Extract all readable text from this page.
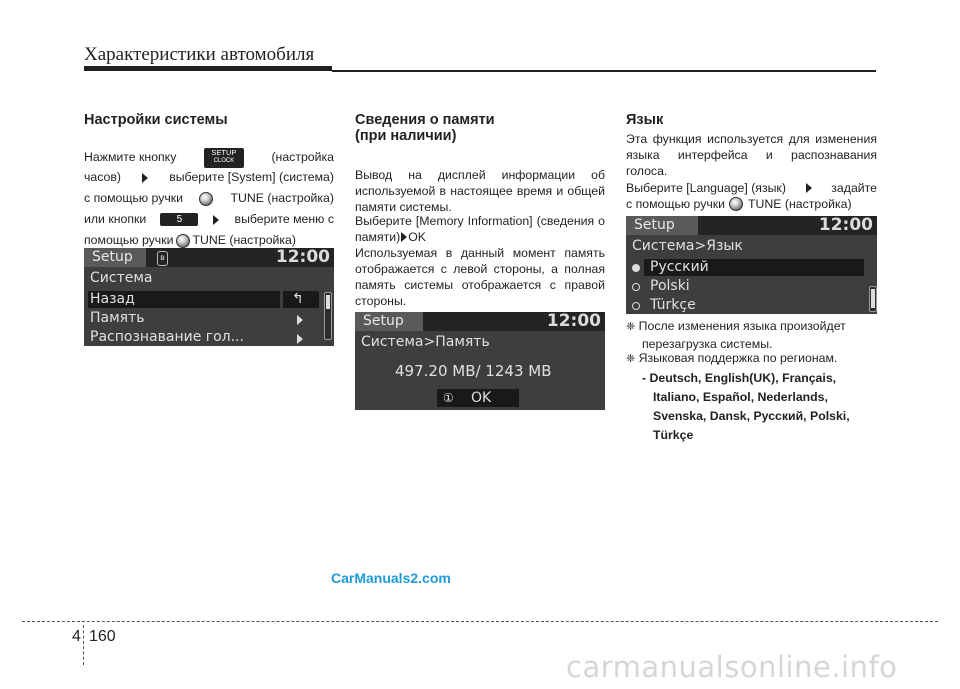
Характеристики автомобиля
Настройки системы
Нажмите кнопку	SETUP
CLOCK	(настройка
часов)	выберите [System] (система)
с помощью ручки	TUNE (настройка)
или кнопки	5	выберите меню с
помощью ручки TUNE (настройка)
Setup	ʙ	12:00
Система
Назад	↰
Память
Распознавание гол...
Сведения о памяти
(при наличии)
Вывод на дисплей информации об используемой в настоящее время и общей памяти системы.
Выберите [Memory Information] (сведения о памяти) OK
Используемая в данный момент память отображается с левой стороны, а полная память системы отображается с правой стороны.
Setup	12:00
Система>Память
497.20 MB/ 1243 MB
① OK
Язык
Эта функция используется для изменения языка интерфейса и распознавания голоса.
Выберите [Language] (язык)	задайте
с помощью ручки TUNE (настройка)
Setup	12:00
Система>Язык
Русский
Polski
Türkçe
❈ После изменения языка произойдет
перезагрузка системы.
❈ Языковая поддержка по регионам.
- Deutsch, English(UK), Français,
Italiano, Español, Nederlands,
Svenska, Dansk, Русский, Polski,
Türkçe
CarManuals2.com
4 160
carmanualsonline.info
